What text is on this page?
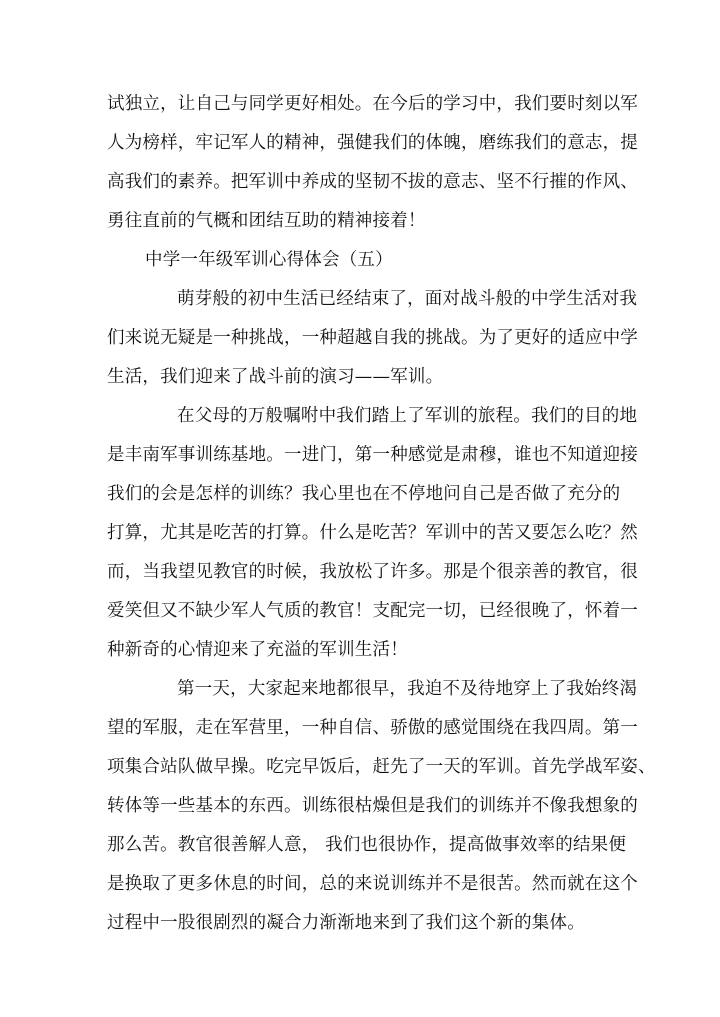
试独立，让自己与同学更好相处。在今后的学习中，我们要时刻以军
人为榜样，牢记军人的精神，强健我们的体魄，磨练我们的意志，提
高我们的素养。把军训中养成的坚韧不拔的意志、坚不行摧的作风、
勇往直前的气概和团结互助的精神接着！
中学一年级军训心得体会（五）
萌芽般的初中生活已经结束了，面对战斗般的中学生活对我
们来说无疑是一种挑战，一种超越自我的挑战。为了更好的适应中学
生活，我们迎来了战斗前的演习——军训。
在父母的万般嘱咐中我们踏上了军训的旅程。我们的目的地
是丰南军事训练基地。一进门，第一种感觉是肃穆，谁也不知道迎接
我们的会是怎样的训练？我心里也在不停地问自己是否做了充分的
打算，尤其是吃苦的打算。什么是吃苦？军训中的苦又要怎么吃？然
而，当我望见教官的时候，我放松了许多。那是个很亲善的教官，很
爱笑但又不缺少军人气质的教官！支配完一切，已经很晚了，怀着一
种新奇的心情迎来了充溢的军训生活！
第一天，大家起来地都很早，我迫不及待地穿上了我始终渴
望的军服，走在军营里，一种自信、骄傲的感觉围绕在我四周。第一
项集合站队做早操。吃完早饭后，赶先了一天的军训。首先学战军姿、
转体等一些基本的东西。训练很枯燥但是我们的训练并不像我想象的
那么苦。教官很善解人意， 我们也很协作，提高做事效率的结果便
是换取了更多休息的时间，总的来说训练并不是很苦。然而就在这个
过程中一股很剧烈的凝合力渐渐地来到了我们这个新的集体。
